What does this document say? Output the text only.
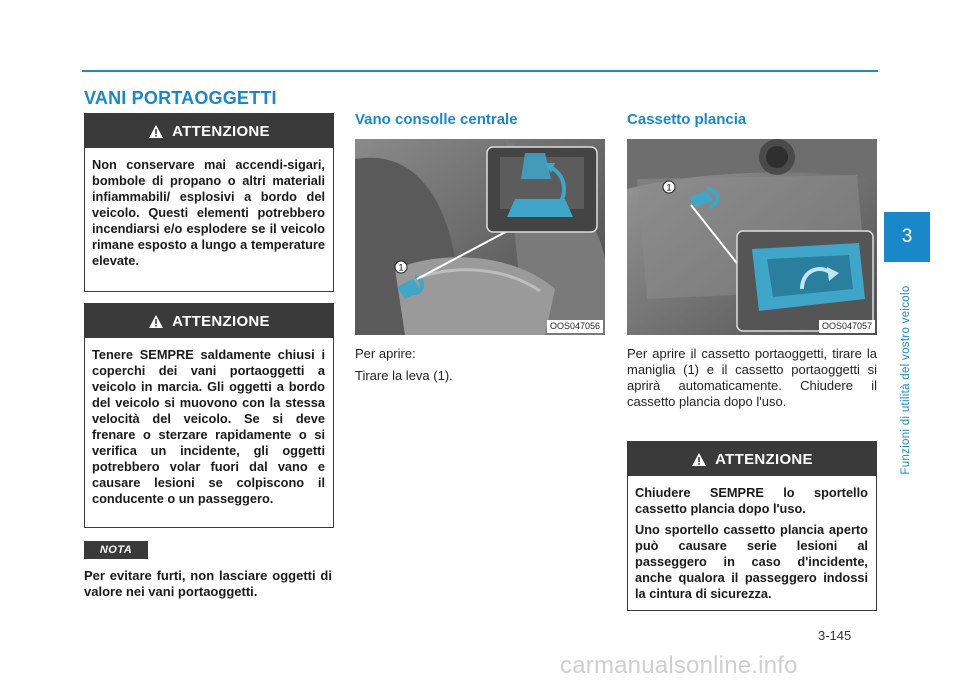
VANI PORTAOGGETTI
ATTENZIONE

Non conservare mai accendi-sigari, bombole di propano o altri materiali infiammabili/ esplosivi a bordo del veicolo. Questi elementi potrebbero incendiarsi e/o esplodere se il veicolo rimane esposto a lungo a temperature elevate.

ATTENZIONE

Tenere SEMPRE saldamente chiusi i coperchi dei vani portaoggetti a veicolo in marcia. Gli oggetti a bordo del veicolo si muovono con la stessa velocità del veicolo. Se si deve frenare o sterzare rapidamente o si verifica un incidente, gli oggetti potrebbero volar fuori dal vano e causare lesioni se colpiscono il conducente o un passeggero.

NOTA

Per evitare furti, non lasciare oggetti di valore nei vani portaoggetti.

Vano consolle centrale
1
OOS047056

Per aprire:

Tirare la leva (1).

Cassetto plancia
1
OOS047057

Per aprire il cassetto portaoggetti, tirare la maniglia (1) e il cassetto portaoggetti si aprirà automaticamente. Chiudere il cassetto plancia dopo l'uso.

ATTENZIONE

Chiudere SEMPRE lo sportello cassetto plancia dopo l'uso.

Uno sportello cassetto plancia aperto può causare serie lesioni al passeggero in caso d'incidente, anche qualora il passeggero indossi la cintura di sicurezza.

3
Funzioni di utilità del vostro veicolo

3-145

carmanualsonline.info
